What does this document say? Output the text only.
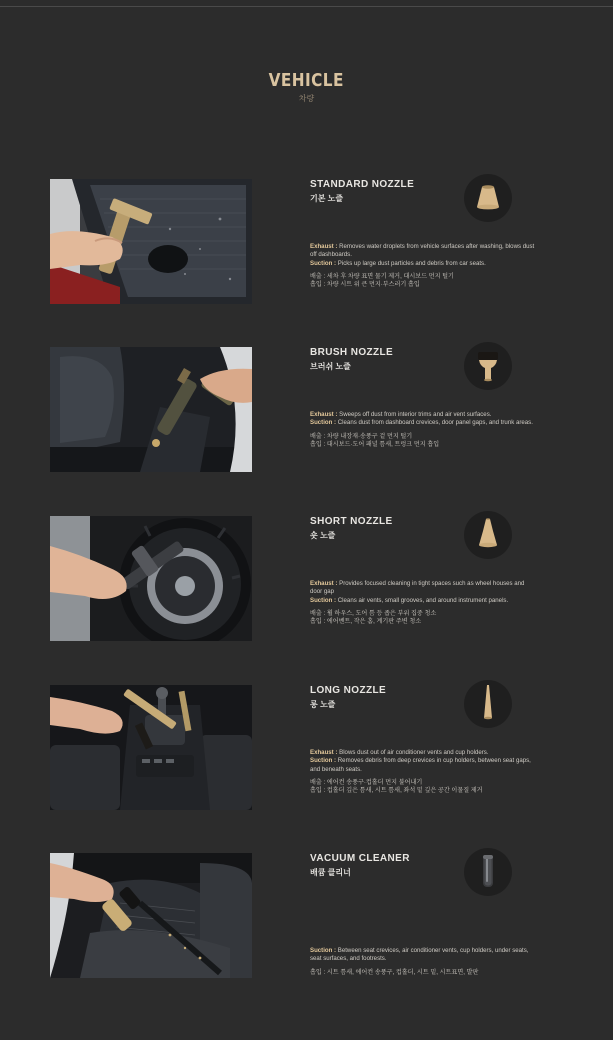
VEHICLE
차량
STANDARD NOZZLE
기본 노즐
Exhaust : Removes water droplets from vehicle surfaces after washing, blows dust off dashboards.
Suction : Picks up large dust particles and debris from car seats.
배출 : 세차 후 차량 표면 물기 제거, 대시보드 먼지 털기
흡입 : 차량 시트 위 큰 먼지·부스러기 흡입
BRUSH NOZZLE
브러쉬 노즐
Exhaust : Sweeps off dust from interior trims and air vent surfaces.
Suction : Cleans dust from dashboard crevices, door panel gaps, and trunk areas.
배출 : 차량 내장재·송풍구 겉 먼지 털기
흡입 : 대시보드·도어 패널 틈새, 트렁크 먼지 흡입
SHORT NOZZLE
숏 노즐
Exhaust : Provides focused cleaning in tight spaces such as wheel houses and door gap
Suction : Cleans air vents, small grooves, and around instrument panels.
배출 : 휠 하우스, 도어 틈 등 좁은 부위 집중 청소
흡입 : 에어벤트, 작은 홈, 계기판 주변 청소
LONG NOZZLE
롱 노즐
Exhaust : Blows dust out of air conditioner vents and cup holders.
Suction : Removes debris from deep crevices in cup holders, between seat gaps, and beneath seats.
배출 : 에어컨 송풍구·컵홀더 먼지 불어내기
흡입 : 컵홀더 깊은 틈새, 시트 틈새, 좌석 밑 깊은 공간 이물질 제거
VACUUM CLEANER
배큠 클리너
Suction : Between seat crevices, air conditioner vents, cup holders, under seats, seat surfaces, and footrests.
흡입 : 시트 틈새, 에어컨 송풍구, 컵홀더, 시트 밑, 시트표면, 발판
